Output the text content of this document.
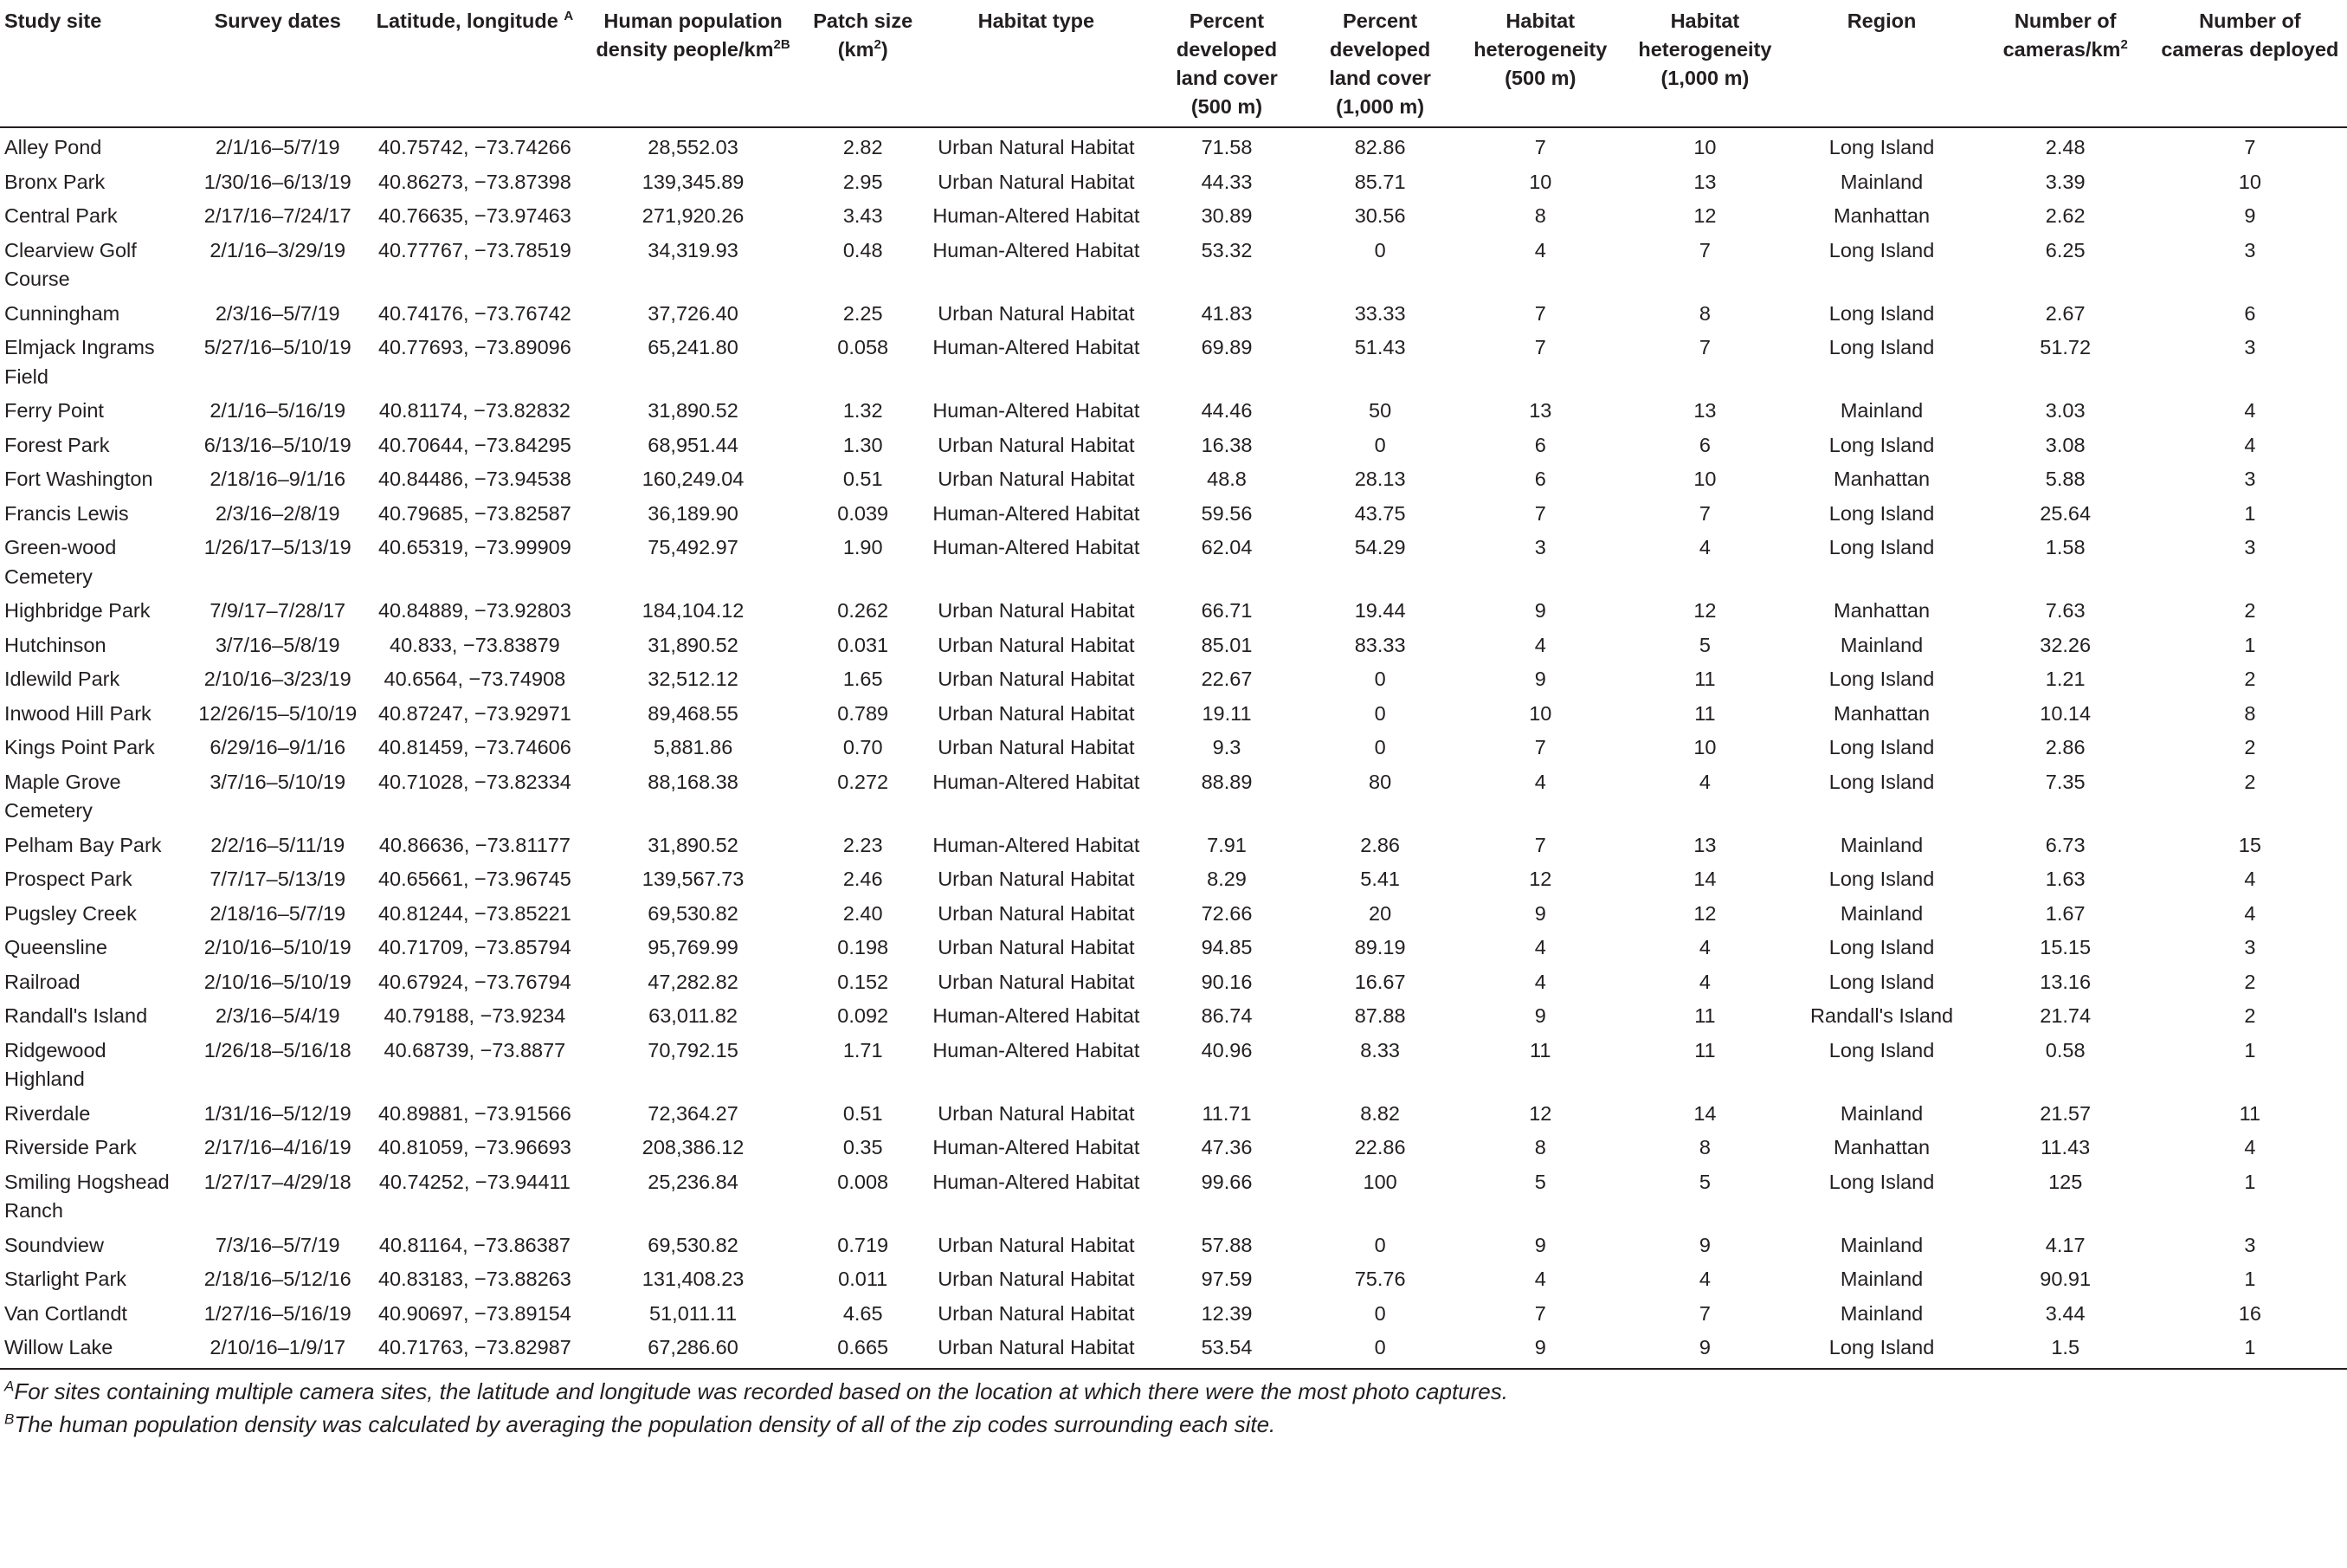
Study site	Survey dates	Latitude, longitude $^A$	Human population density people/$km^{2B}$	Patch size $(km^2)$	Habitat type	Percent developed land cover (500 m)	Percent developed land cover (1,000 m)	Habitat heterogeneity (500 m)	Habitat heterogeneity (1,000 m)	Region	Number of cameras/$km^2$	Number of cameras deployed
Alley Pond	2/1/16–5/7/19	40.75742, −73.74266	28,552.03	2.82	Urban Natural Habitat	71.58	82.86	7	10	Long Island	2.48	7
Bronx Park	1/30/16–6/13/19	40.86273, −73.87398	139,345.89	2.95	Urban Natural Habitat	44.33	85.71	10	13	Mainland	3.39	10
Central Park	2/17/16–7/24/17	40.76635, −73.97463	271,920.26	3.43	Human-Altered Habitat	30.89	30.56	8	12	Manhattan	2.62	9
Clearview Golf Course	2/1/16–3/29/19	40.77767, −73.78519	34,319.93	0.48	Human-Altered Habitat	53.32	0	4	7	Long Island	6.25	3
Cunningham	2/3/16–5/7/19	40.74176, −73.76742	37,726.40	2.25	Urban Natural Habitat	41.83	33.33	7	8	Long Island	2.67	6
Elmjack Ingrams Field	5/27/16–5/10/19	40.77693, −73.89096	65,241.80	0.058	Human-Altered Habitat	69.89	51.43	7	7	Long Island	51.72	3
Ferry Point	2/1/16–5/16/19	40.81174, −73.82832	31,890.52	1.32	Human-Altered Habitat	44.46	50	13	13	Mainland	3.03	4
Forest Park	6/13/16–5/10/19	40.70644, −73.84295	68,951.44	1.30	Urban Natural Habitat	16.38	0	6	6	Long Island	3.08	4
Fort Washington	2/18/16–9/1/16	40.84486, −73.94538	160,249.04	0.51	Urban Natural Habitat	48.8	28.13	6	10	Manhattan	5.88	3
Francis Lewis	2/3/16–2/8/19	40.79685, −73.82587	36,189.90	0.039	Human-Altered Habitat	59.56	43.75	7	7	Long Island	25.64	1
Green-wood Cemetery	1/26/17–5/13/19	40.65319, −73.99909	75,492.97	1.90	Human-Altered Habitat	62.04	54.29	3	4	Long Island	1.58	3
Highbridge Park	7/9/17–7/28/17	40.84889, −73.92803	184,104.12	0.262	Urban Natural Habitat	66.71	19.44	9	12	Manhattan	7.63	2
Hutchinson	3/7/16–5/8/19	40.833, −73.83879	31,890.52	0.031	Urban Natural Habitat	85.01	83.33	4	5	Mainland	32.26	1
Idlewild Park	2/10/16–3/23/19	40.6564, −73.74908	32,512.12	1.65	Urban Natural Habitat	22.67	0	9	11	Long Island	1.21	2
Inwood Hill Park	12/26/15–5/10/19	40.87247, −73.92971	89,468.55	0.789	Urban Natural Habitat	19.11	0	10	11	Manhattan	10.14	8
Kings Point Park	6/29/16–9/1/16	40.81459, −73.74606	5,881.86	0.70	Urban Natural Habitat	9.3	0	7	10	Long Island	2.86	2
Maple Grove Cemetery	3/7/16–5/10/19	40.71028, −73.82334	88,168.38	0.272	Human-Altered Habitat	88.89	80	4	4	Long Island	7.35	2
Pelham Bay Park	2/2/16–5/11/19	40.86636, −73.81177	31,890.52	2.23	Human-Altered Habitat	7.91	2.86	7	13	Mainland	6.73	15
Prospect Park	7/7/17–5/13/19	40.65661, −73.96745	139,567.73	2.46	Urban Natural Habitat	8.29	5.41	12	14	Long Island	1.63	4
Pugsley Creek	2/18/16–5/7/19	40.81244, −73.85221	69,530.82	2.40	Urban Natural Habitat	72.66	20	9	12	Mainland	1.67	4
Queensline	2/10/16–5/10/19	40.71709, −73.85794	95,769.99	0.198	Urban Natural Habitat	94.85	89.19	4	4	Long Island	15.15	3
Railroad	2/10/16–5/10/19	40.67924, −73.76794	47,282.82	0.152	Urban Natural Habitat	90.16	16.67	4	4	Long Island	13.16	2
Randall's Island	2/3/16–5/4/19	40.79188, −73.9234	63,011.82	0.092	Human-Altered Habitat	86.74	87.88	9	11	Randall's Island	21.74	2
Ridgewood Highland	1/26/18–5/16/18	40.68739, −73.8877	70,792.15	1.71	Human-Altered Habitat	40.96	8.33	11	11	Long Island	0.58	1
Riverdale	1/31/16–5/12/19	40.89881, −73.91566	72,364.27	0.51	Urban Natural Habitat	11.71	8.82	12	14	Mainland	21.57	11
Riverside Park	2/17/16–4/16/19	40.81059, −73.96693	208,386.12	0.35	Human-Altered Habitat	47.36	22.86	8	8	Manhattan	11.43	4
Smiling Hogshead Ranch	1/27/17–4/29/18	40.74252, −73.94411	25,236.84	0.008	Human-Altered Habitat	99.66	100	5	5	Long Island	125	1
Soundview	7/3/16–5/7/19	40.81164, −73.86387	69,530.82	0.719	Urban Natural Habitat	57.88	0	9	9	Mainland	4.17	3
Starlight Park	2/18/16–5/12/16	40.83183, −73.88263	131,408.23	0.011	Urban Natural Habitat	97.59	75.76	4	4	Mainland	90.91	1
Van Cortlandt	1/27/16–5/16/19	40.90697, −73.89154	51,011.11	4.65	Urban Natural Habitat	12.39	0	7	7	Mainland	3.44	16
Willow Lake	2/10/16–1/9/17	40.71763, −73.82987	67,286.60	0.665	Urban Natural Habitat	53.54	0	9	9	Long Island	1.5	1
$^A$For sites containing multiple camera sites, the latitude and longitude was recorded based on the location at which there were the most photo captures.
$^B$The human population density was calculated by averaging the population density of all of the zip codes surrounding each site.
